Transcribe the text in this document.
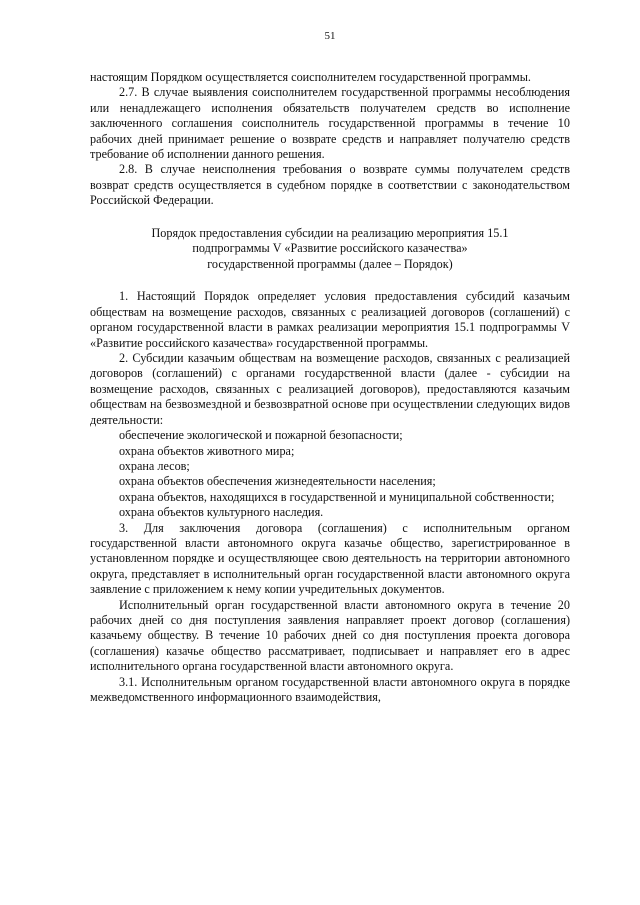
51

настоящим Порядком осуществляется соисполнителем государственной программы.

2.7. В случае выявления соисполнителем государственной программы несоблюдения или ненадлежащего исполнения обязательств получателем средств во исполнение заключенного соглашения соисполнитель государственной программы в течение 10 рабочих дней принимает решение о возврате средств и направляет получателю средств требование об исполнении данного решения.

2.8. В случае неисполнения требования о возврате суммы получателем средств возврат средств осуществляется в судебном порядке в соответствии с законодательством Российской Федерации.

Порядок предоставления субсидии на реализацию мероприятия 15.1
подпрограммы V «Развитие российского казачества»
государственной программы (далее – Порядок)

1. Настоящий Порядок определяет условия предоставления субсидий казачьим обществам на возмещение расходов, связанных с реализацией договоров (соглашений) с органом государственной власти в рамках реализации мероприятия 15.1 подпрограммы V «Развитие российского казачества» государственной программы.

2. Субсидии казачьим обществам на возмещение расходов, связанных с реализацией договоров (соглашений) с органами государственной власти (далее - субсидии на возмещение расходов, связанных с реализацией договоров), предоставляются казачьим обществам на безвозмездной и безвозвратной основе при осуществлении следующих видов деятельности:

обеспечение экологической и пожарной безопасности;

охрана объектов животного мира;

охрана лесов;

охрана объектов обеспечения жизнедеятельности населения;

охрана объектов, находящихся в государственной и муниципальной собственности;

охрана объектов культурного наследия.

3. Для заключения договора (соглашения) с исполнительным органом государственной власти автономного округа казачье общество, зарегистрированное в установленном порядке и осуществляющее свою деятельность на территории автономного округа, представляет в исполнительный орган государственной власти автономного округа заявление с приложением к нему копии учредительных документов.

Исполнительный орган государственной власти автономного округа в течение 20 рабочих дней со дня поступления заявления направляет проект договор (соглашения) казачьему обществу. В течение 10 рабочих дней со дня поступления проекта договора (соглашения) казачье общество рассматривает, подписывает и направляет его в адрес исполнительного органа государственной власти автономного округа.

3.1. Исполнительным органом государственной власти автономного округа в порядке межведомственного информационного взаимодействия,
